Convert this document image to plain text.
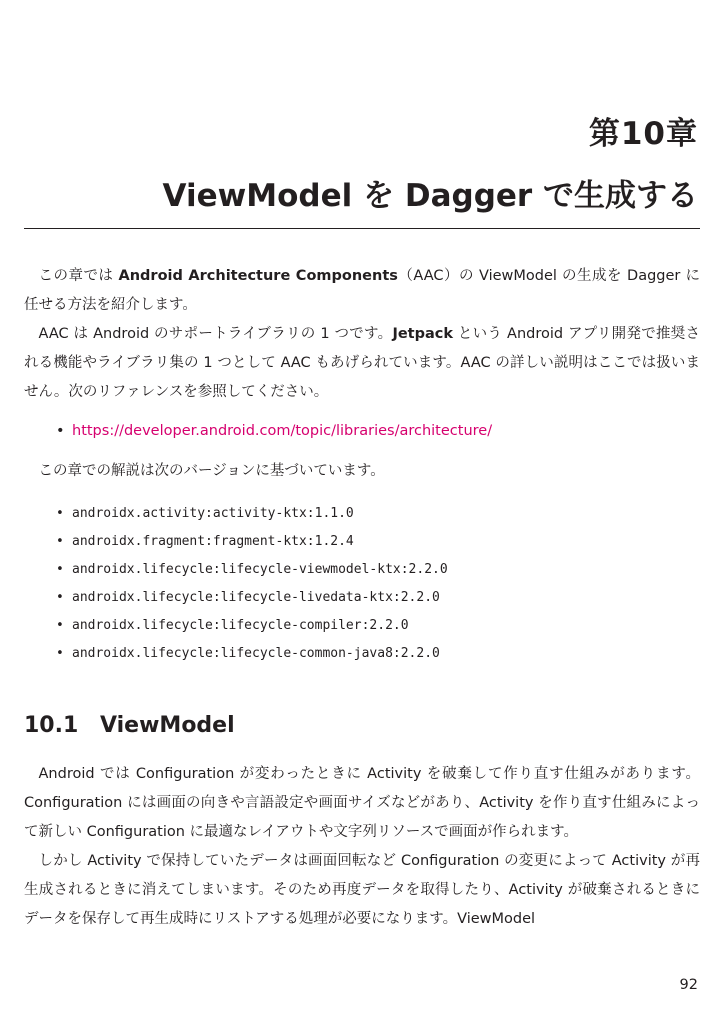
第10章
ViewModel を Dagger で生成する

この章では Android Architecture Components（AAC）の ViewModel の生成を Dagger に任せる方法を紹介します。

AAC は Android のサポートライブラリの 1 つです。Jetpack という Android アプリ開発で推奨される機能やライブラリ集の 1 つとして AAC もあげられています。AAC の詳しい説明はここでは扱いません。次のリファレンスを参照してください。

• https://developer.android.com/topic/libraries/architecture/

この章での解説は次のバージョンに基づいています。

• androidx.activity:activity-ktx:1.1.0
• androidx.fragment:fragment-ktx:1.2.4
• androidx.lifecycle:lifecycle-viewmodel-ktx:2.2.0
• androidx.lifecycle:lifecycle-livedata-ktx:2.2.0
• androidx.lifecycle:lifecycle-compiler:2.2.0
• androidx.lifecycle:lifecycle-common-java8:2.2.0
10.1 ViewModel

Android では Configuration が変わったときに Activity を破棄して作り直す仕組みがあります。Configuration には画面の向きや言語設定や画面サイズなどがあり、Activity を作り直す仕組みによって新しい Configuration に最適なレイアウトや文字列リソースで画面が作られます。

しかし Activity で保持していたデータは画面回転など Configuration の変更によって Activity が再生成されるときに消えてしまいます。そのため再度データを取得したり、Activity が破棄されるときにデータを保存して再生成時にリストアする処理が必要になります。ViewModel

92
